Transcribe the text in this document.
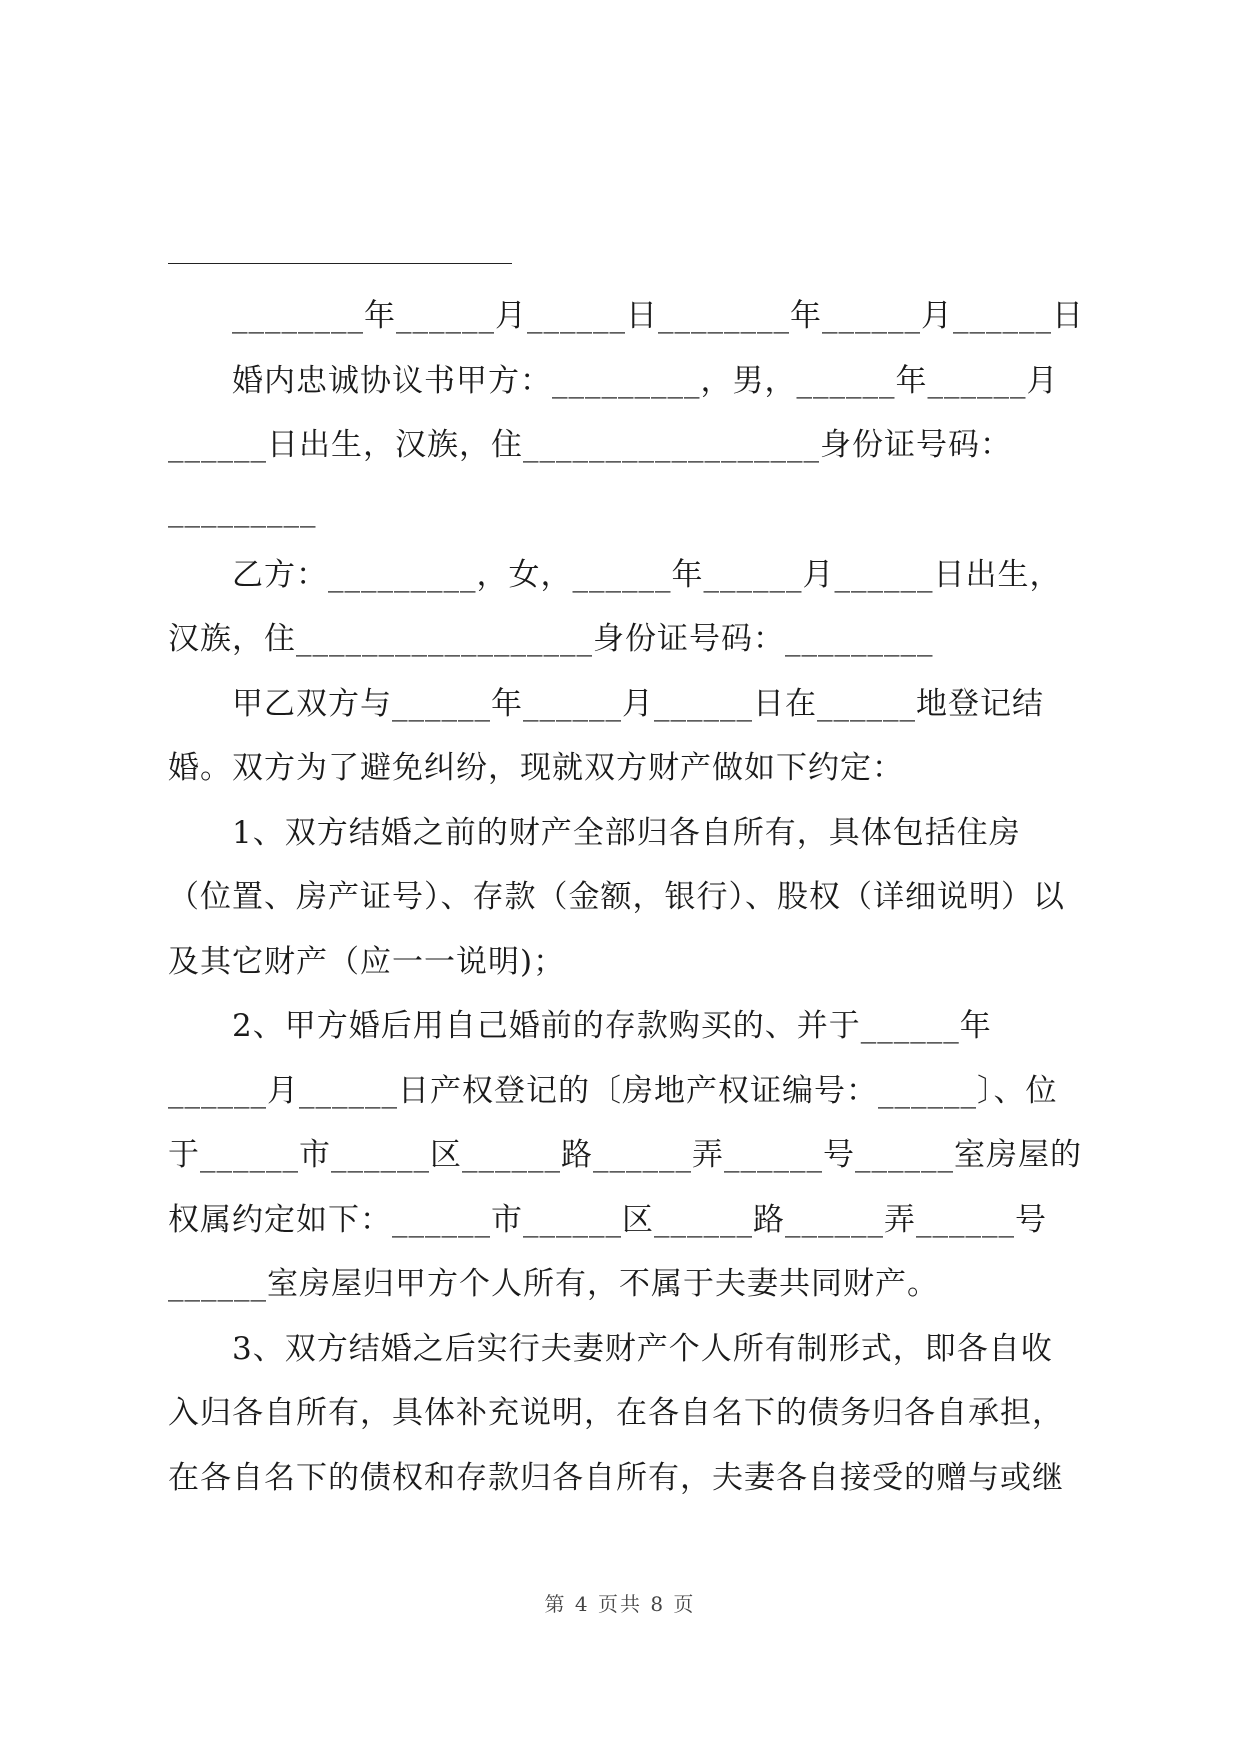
________年______月______日________年______月______日
婚内忠诚协议书甲方：_________，男，______年______月
______日出生，汉族，住__________________身份证号码：
_________
乙方：_________，女，______年______月______日出生，
汉族，住__________________身份证号码：_________
甲乙双方与______年______月______日在______地登记结
婚。双方为了避免纠纷，现就双方财产做如下约定：
1、双方结婚之前的财产全部归各自所有，具体包括住房
（位置、房产证号）、存款（金额，银行）、股权（详细说明）以
及其它财产（应一一说明)；
2、甲方婚后用自己婚前的存款购买的、并于______年
______月______日产权登记的〔房地产权证编号：______〕、位
于______市______区______路______弄______号______室房屋的
权属约定如下：______市______区______路______弄______号
______室房屋归甲方个人所有，不属于夫妻共同财产。
3、双方结婚之后实行夫妻财产个人所有制形式，即各自收
入归各自所有，具体补充说明，在各自名下的债务归各自承担，
在各自名下的债权和存款归各自所有，夫妻各自接受的赠与或继
第 4 页共 8 页
